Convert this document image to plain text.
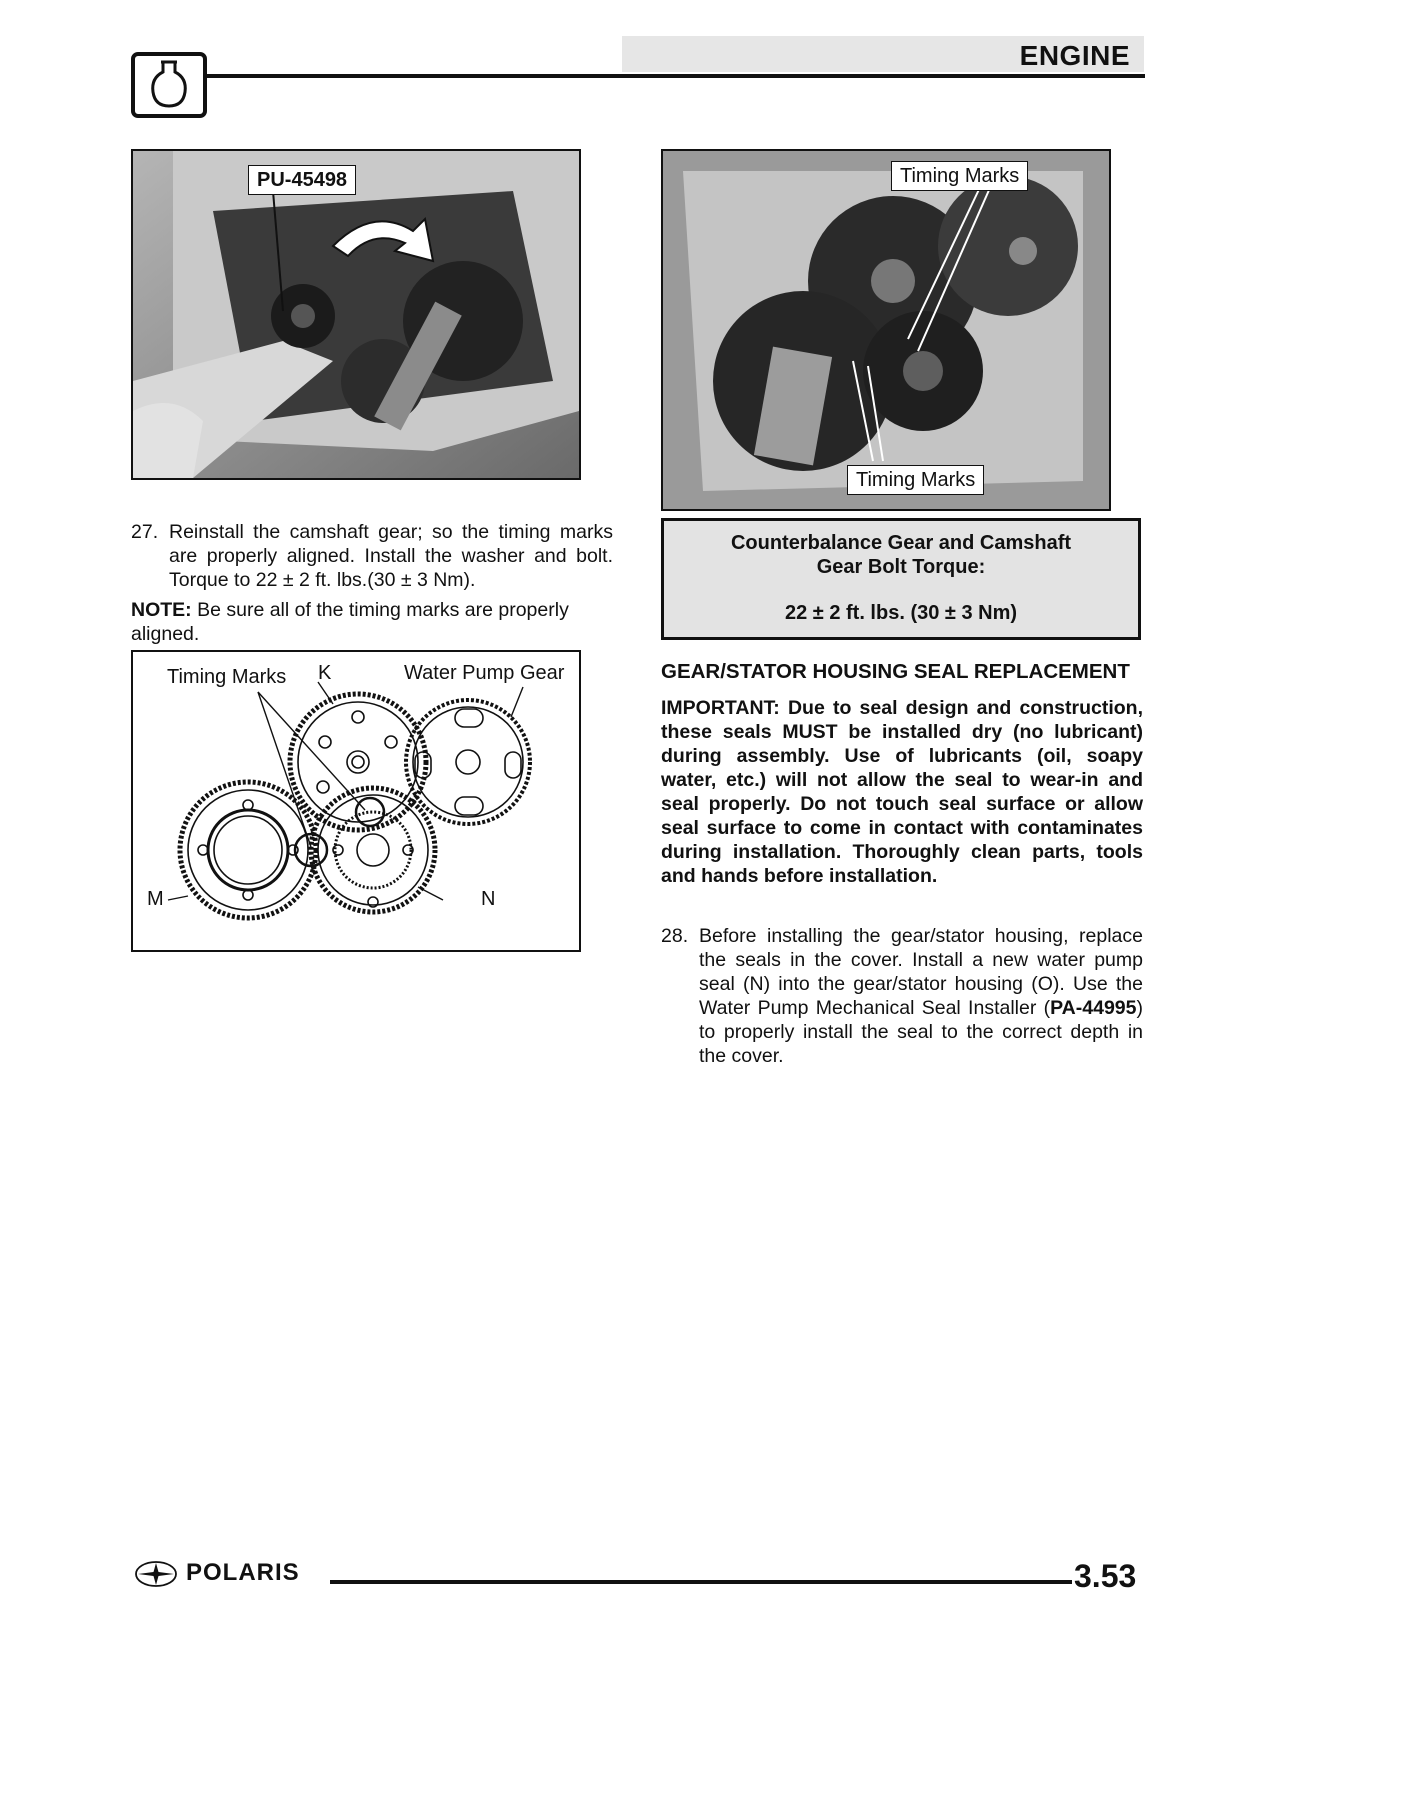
ENGINE
PU-45498	Timing Marks
Timing Marks
Counterbalance Gear and Camshaft
Gear Bolt Torque:
22 ± 2 ft. lbs. (30 ± 3 Nm)

27. Reinstall the camshaft gear; so the timing marks are properly aligned. Install the washer and bolt. Torque to 22 ± 2 ft. lbs.(30 ± 3 Nm).

NOTE: Be sure all of the timing marks are properly aligned.

Timing Marks K	Water Pump Gear
M	N
GEAR/STATOR HOUSING SEAL REPLACEMENT
IMPORTANT: Due to seal design and construction, these seals MUST be installed dry (no lubricant) during assembly. Use of lubricants (oil, soapy water, etc.) will not allow the seal to wear-in and seal properly. Do not touch seal surface or allow seal surface to come in contact with contaminates during installation. Thoroughly clean parts, tools and hands before installation.

28. Before installing the gear/stator housing, replace the seals in the cover. Install a new water pump seal (N) into the gear/stator housing (O). Use the Water Pump Mechanical Seal Installer (PA-44995) to properly install the seal to the correct depth in the cover.

POLARIS	3.53
